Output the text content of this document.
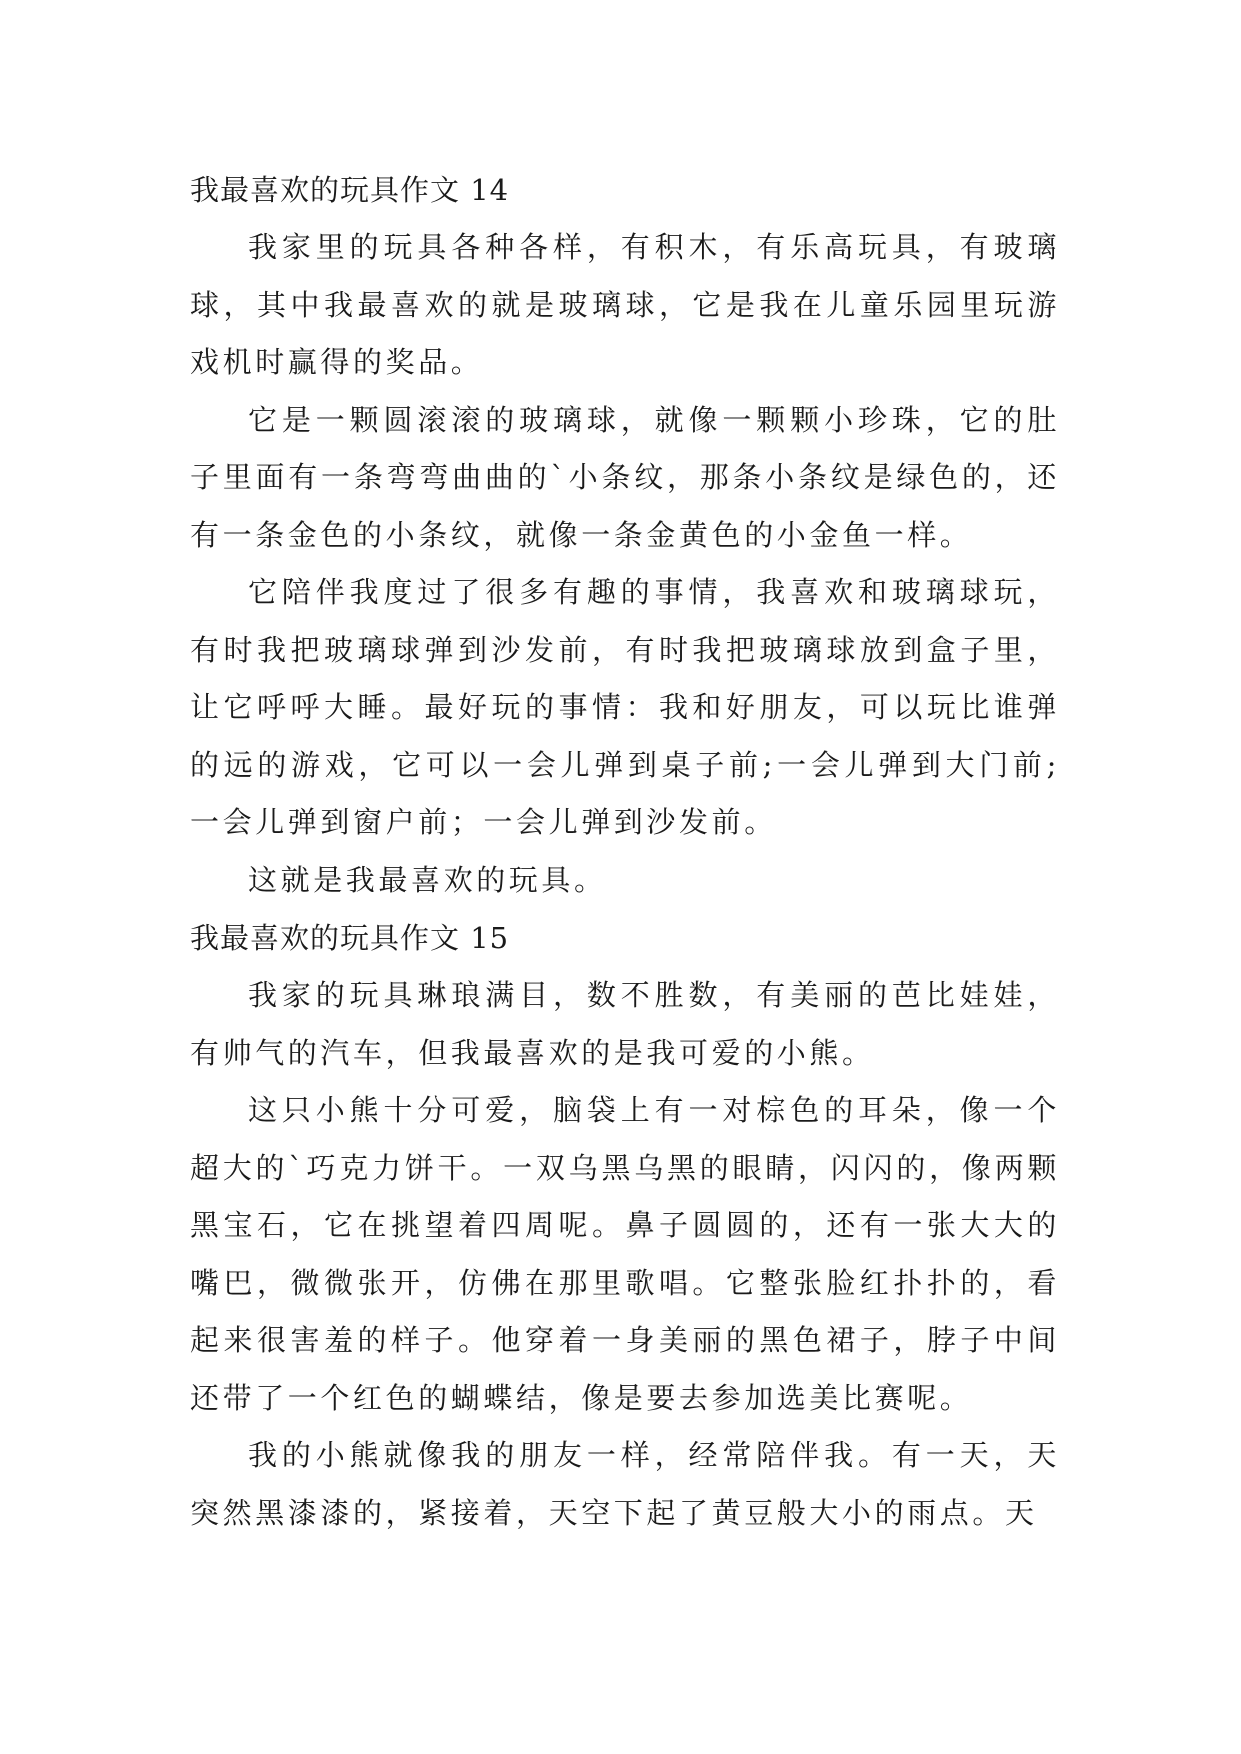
我最喜欢的玩具作文 14

我家里的玩具各种各样，有积木，有乐高玩具，有玻璃球，其中我最喜欢的就是玻璃球，它是我在儿童乐园里玩游戏机时赢得的奖品。

它是一颗圆滚滚的玻璃球，就像一颗颗小珍珠，它的肚子里面有一条弯弯曲曲的`小条纹，那条小条纹是绿色的，还有一条金色的小条纹，就像一条金黄色的小金鱼一样。

它陪伴我度过了很多有趣的事情，我喜欢和玻璃球玩，有时我把玻璃球弹到沙发前，有时我把玻璃球放到盒子里，让它呼呼大睡。最好玩的事情：我和好朋友，可以玩比谁弹的远的游戏，它可以一会儿弹到桌子前;一会儿弹到大门前;一会儿弹到窗户前；一会儿弹到沙发前。

这就是我最喜欢的玩具。

我最喜欢的玩具作文 15

我家的玩具琳琅满目，数不胜数，有美丽的芭比娃娃，有帅气的汽车，但我最喜欢的是我可爱的小熊。

这只小熊十分可爱，脑袋上有一对棕色的耳朵，像一个超大的`巧克力饼干。一双乌黑乌黑的眼睛，闪闪的，像两颗黑宝石，它在挑望着四周呢。鼻子圆圆的，还有一张大大的嘴巴，微微张开，仿佛在那里歌唱。它整张脸红扑扑的，看起来很害羞的样子。他穿着一身美丽的黑色裙子，脖子中间还带了一个红色的蝴蝶结，像是要去参加选美比赛呢。

我的小熊就像我的朋友一样，经常陪伴我。有一天，天突然黑漆漆的，紧接着，天空下起了黄豆般大小的雨点。天
